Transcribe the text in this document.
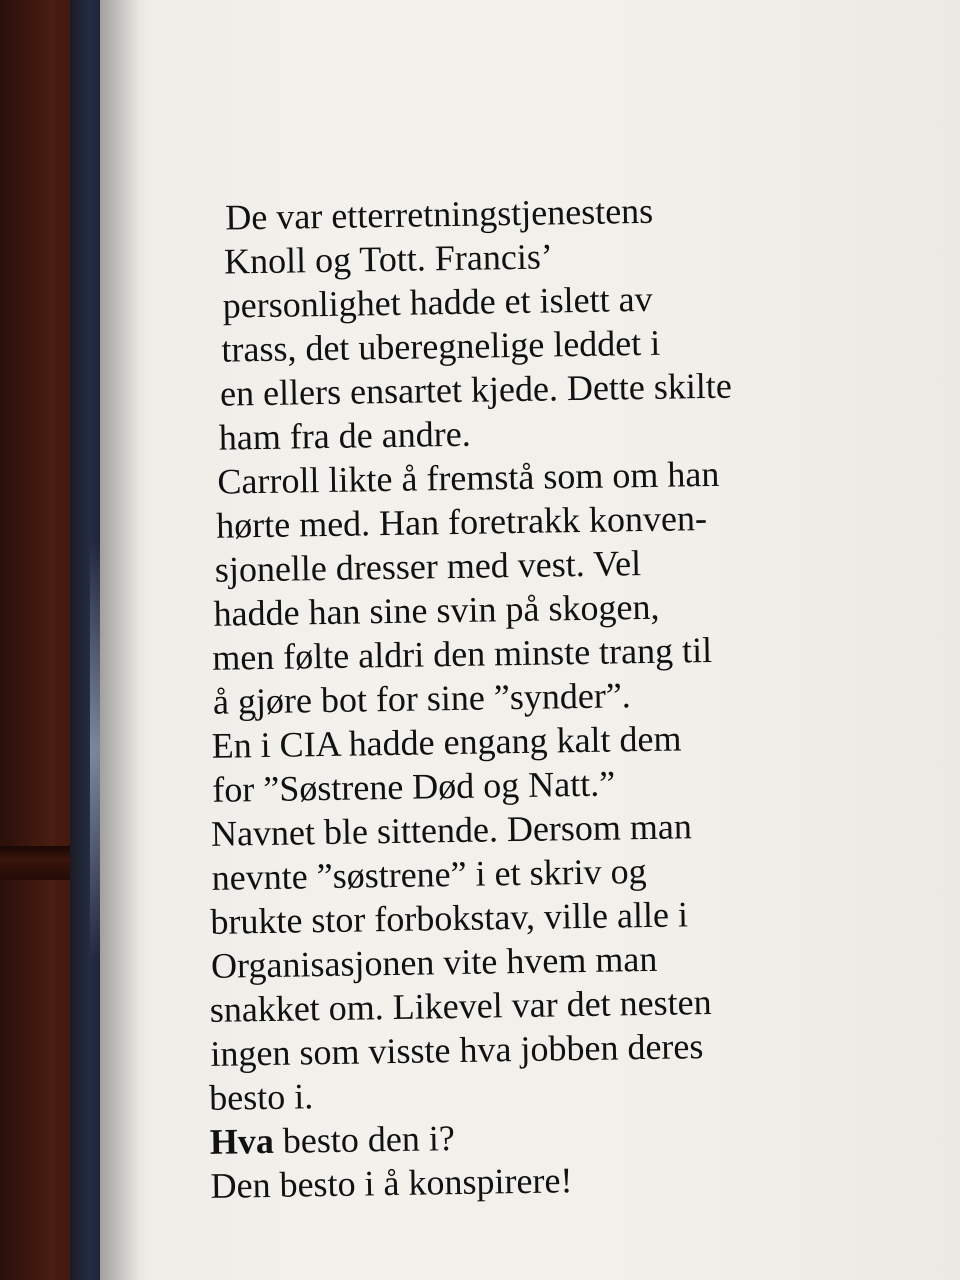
De var etterretningstjenestens
Knoll og Tott. Francis’
personlighet hadde et islett av
trass, det uberegnelige leddet i
en ellers ensartet kjede. Dette skilte
ham fra de andre.
Carroll likte å fremstå som om han
hørte med. Han foretrakk konven-
sjonelle dresser med vest. Vel
hadde han sine svin på skogen,
men følte aldri den minste trang til
å gjøre bot for sine ”synder”.
En i CIA hadde engang kalt dem
for ”Søstrene Død og Natt.”
Navnet ble sittende. Dersom man
nevnte ”søstrene” i et skriv og
brukte stor forbokstav, ville alle i
Organisasjonen vite hvem man
snakket om. Likevel var det nesten
ingen som visste hva jobben deres
besto i.
Hva besto den i?
Den besto i å konspirere!
